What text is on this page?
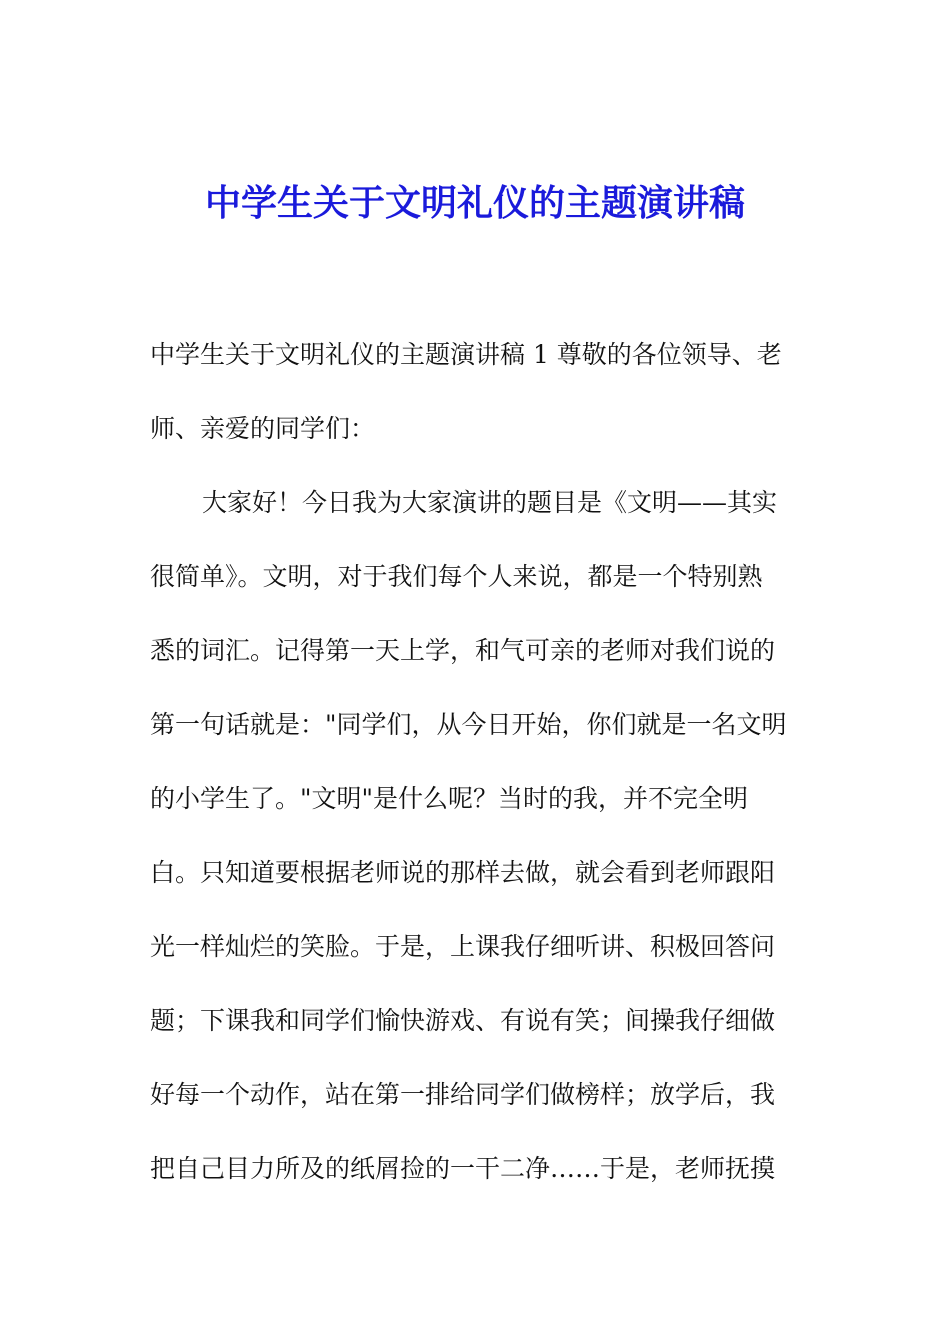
中学生关于文明礼仪的主题演讲稿

中学生关于文明礼仪的主题演讲稿 1 尊敬的各位领导、老

师、亲爱的同学们：

大家好！今日我为大家演讲的题目是《文明——其实

很简单》。文明，对于我们每个人来说，都是一个特别熟

悉的词汇。记得第一天上学，和气可亲的老师对我们说的

第一句话就是："同学们，从今日开始，你们就是一名文明

的小学生了。"文明"是什么呢？当时的我，并不完全明

白。只知道要根据老师说的那样去做，就会看到老师跟阳

光一样灿烂的笑脸。于是，上课我仔细听讲、积极回答问

题；下课我和同学们愉快游戏、有说有笑；间操我仔细做

好每一个动作，站在第一排给同学们做榜样；放学后，我

把自己目力所及的纸屑捡的一干二净……于是，老师抚摸
